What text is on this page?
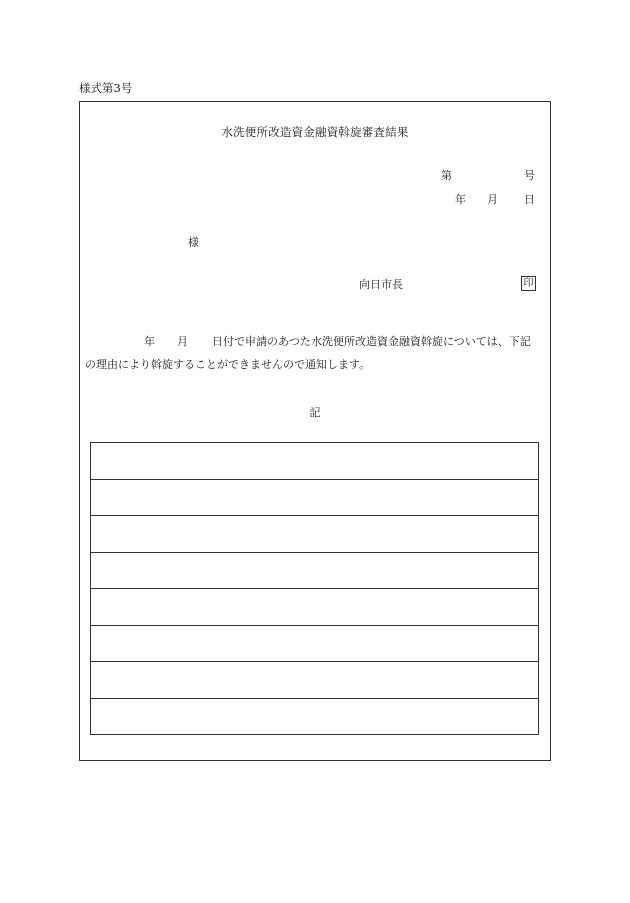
様式第3号
水洗便所改造資金融資斡旋審査結果
第	号
年 月 日
様
向日市長	印
年 月 日付で申請のあつた水洗便所改造資金融資斡旋については、下記
の理由により斡旋することができませんので通知します。
記
